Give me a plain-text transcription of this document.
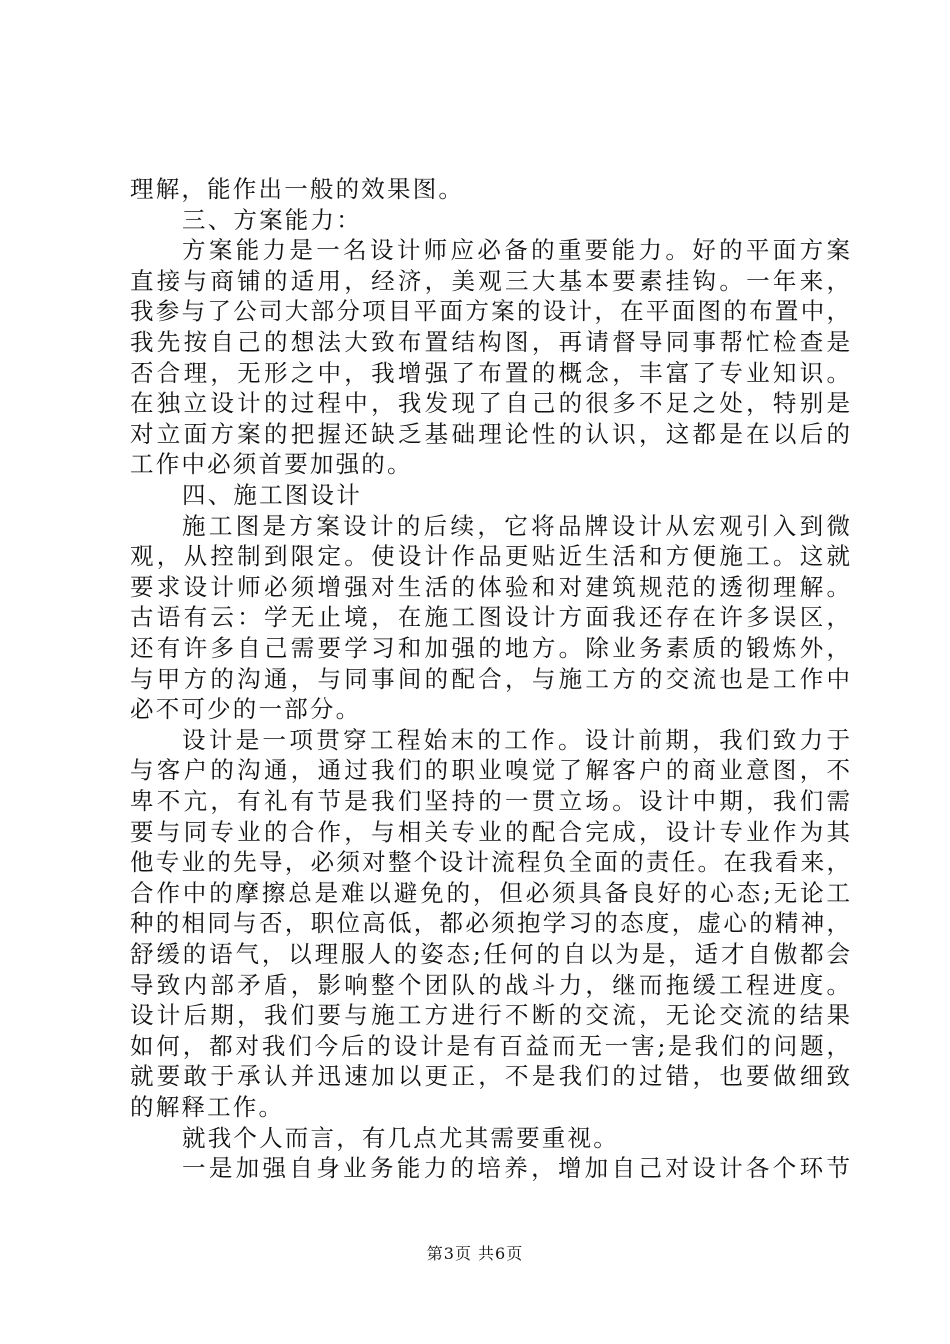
理解，能作出一般的效果图。
三、方案能力：
方案能力是一名设计师应必备的重要能力。好的平面方案
直接与商铺的适用，经济，美观三大基本要素挂钩。一年来，
我参与了公司大部分项目平面方案的设计，在平面图的布置中，
我先按自己的想法大致布置结构图，再请督导同事帮忙检查是
否合理，无形之中，我增强了布置的概念，丰富了专业知识。
在独立设计的过程中，我发现了自己的很多不足之处，特别是
对立面方案的把握还缺乏基础理论性的认识，这都是在以后的
工作中必须首要加强的。
四、施工图设计
施工图是方案设计的后续，它将品牌设计从宏观引入到微
观，从控制到限定。使设计作品更贴近生活和方便施工。这就
要求设计师必须增强对生活的体验和对建筑规范的透彻理解。
古语有云：学无止境，在施工图设计方面我还存在许多误区，
还有许多自己需要学习和加强的地方。除业务素质的锻炼外，
与甲方的沟通，与同事间的配合，与施工方的交流也是工作中
必不可少的一部分。
设计是一项贯穿工程始末的工作。设计前期，我们致力于
与客户的沟通，通过我们的职业嗅觉了解客户的商业意图，不
卑不亢，有礼有节是我们坚持的一贯立场。设计中期，我们需
要与同专业的合作，与相关专业的配合完成，设计专业作为其
他专业的先导，必须对整个设计流程负全面的责任。在我看来，
合作中的摩擦总是难以避免的，但必须具备良好的心态;无论工
种的相同与否，职位高低，都必须抱学习的态度，虚心的精神，
舒缓的语气，以理服人的姿态;任何的自以为是，适才自傲都会
导致内部矛盾，影响整个团队的战斗力，继而拖缓工程进度。
设计后期，我们要与施工方进行不断的交流，无论交流的结果
如何，都对我们今后的设计是有百益而无一害;是我们的问题，
就要敢于承认并迅速加以更正，不是我们的过错，也要做细致
的解释工作。
就我个人而言，有几点尤其需要重视。
一是加强自身业务能力的培养，增加自己对设计各个环节
第3页 共6页
